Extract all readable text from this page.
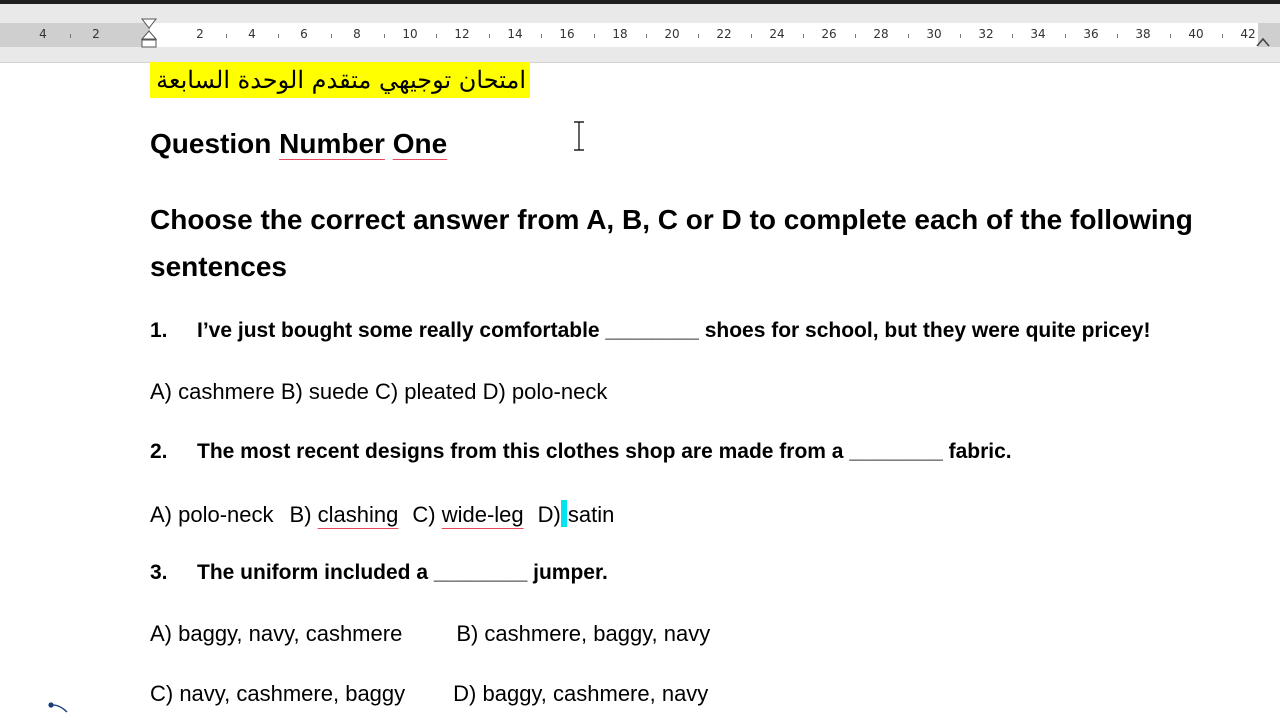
4	2	2	4	6	8	10	12	14	16	18	20	22	24	26	28	30	32	34	36	38	40	42
امتحان توجيهي متقدم الوحدة السابعة
Question Number One
Choose the correct answer from A, B, C or D to complete each of the following sentences
1. I’ve just bought some really comfortable ________ shoes for school, but they were quite pricey!
A) cashmere B) suede C) pleated D) polo-neck
2. The most recent designs from this clothes shop are made from a ________ fabric.
A) polo-neck B) clashing C) wide-leg D) satin
3. The uniform included a ________ jumper.
A) baggy, navy, cashmere B) cashmere, baggy, navy
C) navy, cashmere, baggy D) baggy, cashmere, navy
